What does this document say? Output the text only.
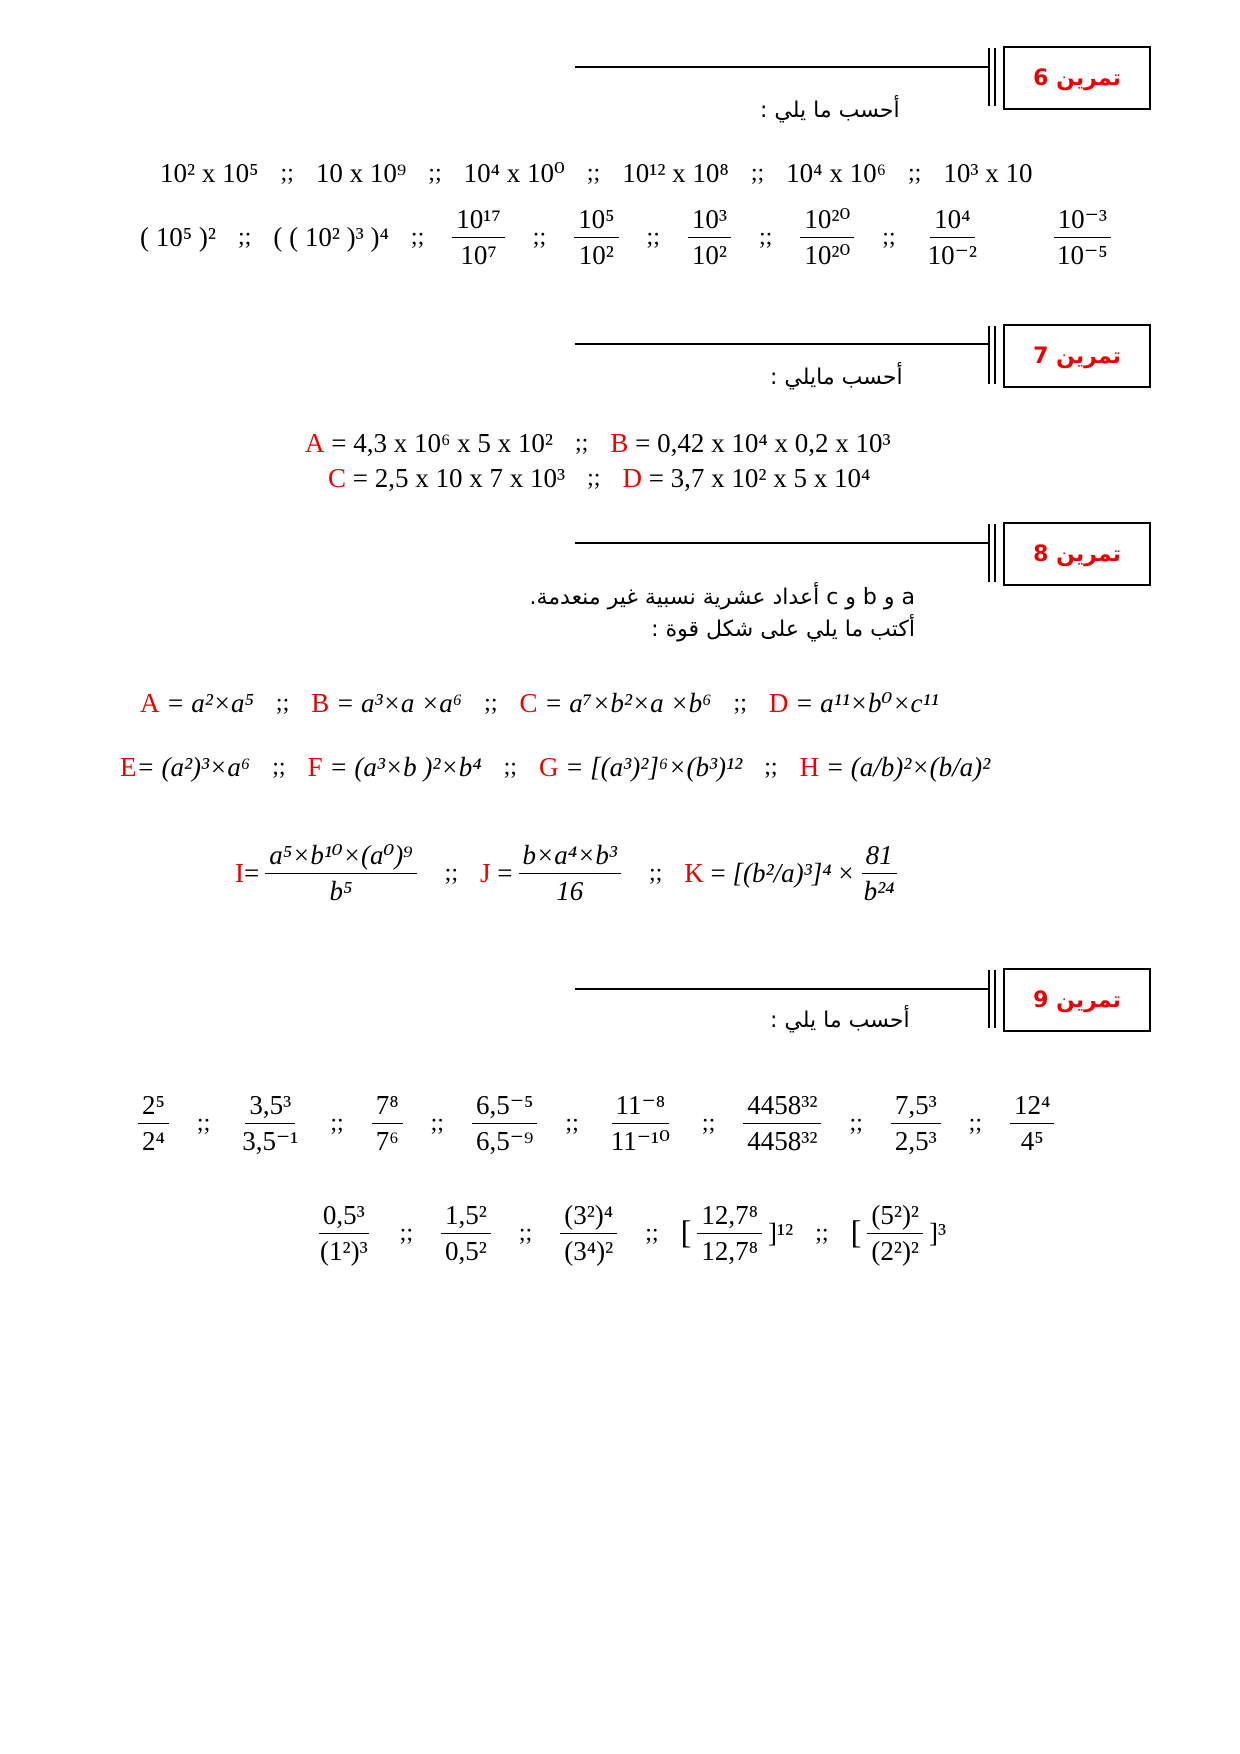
تمرين 6
أحسب ما يلي :
10² x 10⁵ ;; 10 x 10⁹ ;; 10⁴ x 10⁰ ;; 10¹² x 10⁸ ;; 10⁴ x 10⁶ ;; 10³ x 10
( 10⁵ )² ;; ( ( 10² )³ )⁴ ;; $\frac{\text{10¹⁷}}{\text{10⁷}}$ ;; $\frac{\text{10⁵}}{\text{10²}}$ ;; $\frac{\text{10³}}{\text{10²}}$ ;; $\frac{\text{10²⁰}}{\text{10²⁰}}$ ;; $\frac{\text{10⁴}}{\text{10⁻²}}$	$\frac{\text{10⁻³}}{\text{10⁻⁵}}$
تمرين 7
أحسب مايلي :
A
= 4,3 x 10⁶ x 5 x 10² ;; B
= 0,42 x 10⁴ x 0,2 x 10³
C
= 2,5 x 10 x 7 x 10³ ;; D
= 3,7 x 10² x 5 x 10⁴
تمرين 8
a و b و c أعداد عشرية نسبية غير منعدمة.
أكتب ما يلي على شكل قوة :
A
= a²×a⁵ ;; B
= a³×a ×a⁶ ;; C
= a⁷×b²×a ×b⁶ ;; D
= a¹¹×b⁰×c¹¹
E = (a²)³×a⁶ ;; F
= (a³×b )²×b⁴ ;; G
= [(a³)²]⁶×(b³)¹² ;; H
= (a/b)²×(b/a)²
$I = \frac{\text{a⁵×b¹⁰×(a⁰)⁹}}{\text{b⁵}}$ ;; $J = \frac{\text{b×a⁴×b³}}{16}$ ;; $K = [(b^2/a)^3]^4 \times \frac{81}{\text{b²⁴}}$
تمرين 9
أحسب ما يلي :
$\frac{\text{2⁵}}{\text{2⁴}}$ ;; $\frac{\text{3,5³}}{\text{3,5⁻¹}}$ ;; $\frac{\text{7⁸}}{\text{7⁶}}$ ;; $\frac{\text{6,5⁻⁵}}{\text{6,5⁻⁹}}$ ;; $\frac{\text{11⁻⁸}}{\text{11⁻¹⁰}}$ ;; $\frac{\text{4458³²}}{\text{4458³²}}$ ;; $\frac{\text{7,5³}}{\text{2,5³}}$ ;; $\frac{\text{12⁴}}{\text{4⁵}}$
$\frac{\text{0,5³}}{\text{(1²)³}}$ ;; $\frac{\text{1,5²}}{\text{0,5²}}$ ;; $\frac{\text{(3²)⁴}}{\text{(3⁴)²}}$ ;; [ $\frac{\text{12,7⁸}}{\text{12,7⁸}} ]^{12}$ ;; [ $\frac{\text{(5²)²}}{\text{(2²)²}} ]^3$
